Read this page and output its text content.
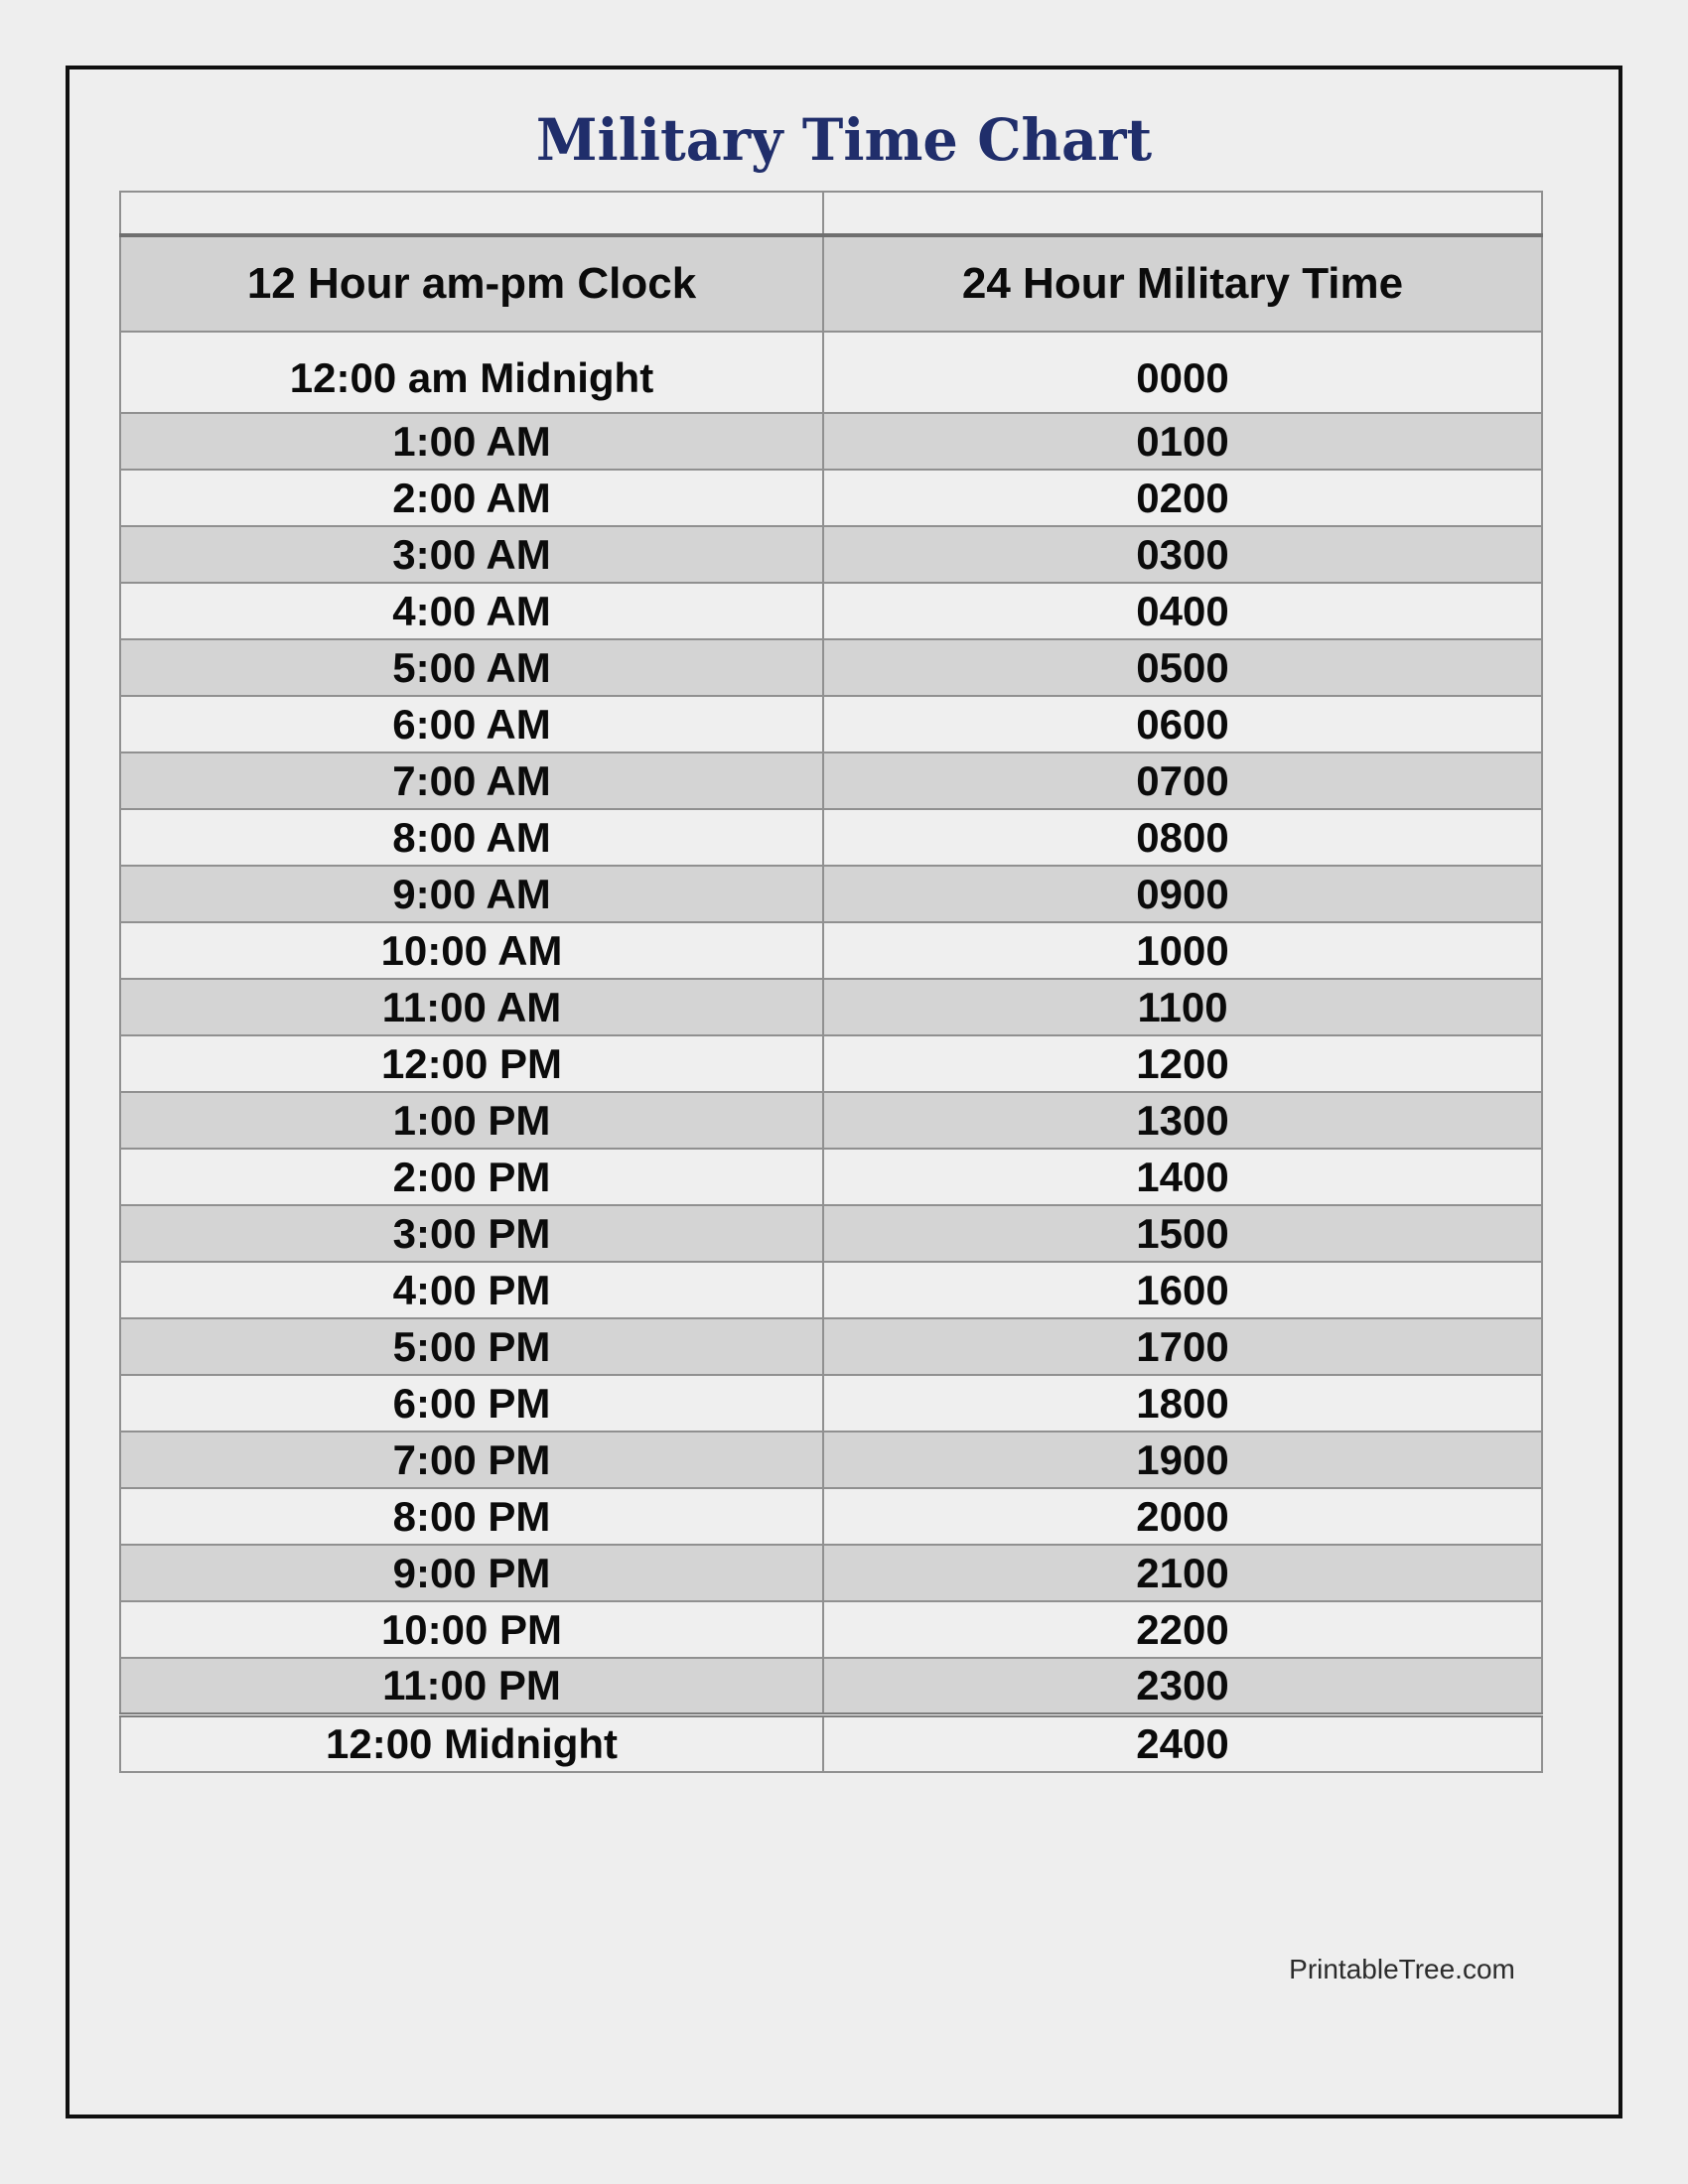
Military Time Chart

12 Hour am-pm Clock	24 Hour Military Time
12:00 am Midnight	0000
1:00 AM	0100
2:00 AM	0200
3:00 AM	0300
4:00 AM	0400
5:00 AM	0500
6:00 AM	0600
7:00 AM	0700
8:00 AM	0800
9:00 AM	0900
10:00 AM	1000
11:00 AM	1100
12:00 PM	1200
1:00 PM	1300
2:00 PM	1400
3:00 PM	1500
4:00 PM	1600
5:00 PM	1700
6:00 PM	1800
7:00 PM	1900
8:00 PM	2000
9:00 PM	2100
10:00 PM	2200
11:00 PM	2300
12:00 Midnight	2400
PrintableTree.com
